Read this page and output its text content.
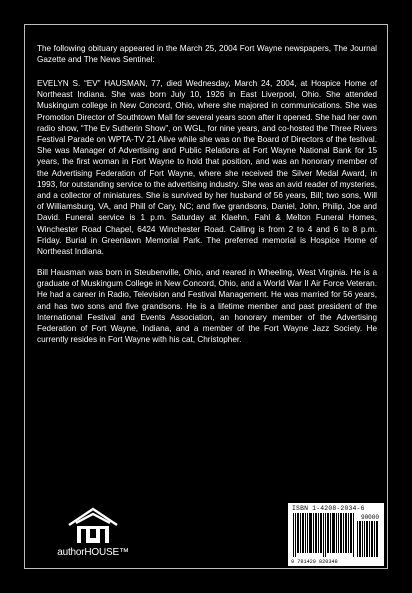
The following obituary appeared in the March 25, 2004 Fort Wayne newspapers, The Journal Gazette and The News Sentinel:
EVELYN S. “EV” HAUSMAN, 77, died Wednesday, March 24, 2004, at Hospice Home of Northeast Indiana. She was born July 10, 1926 in East Liverpool, Ohio. She attended Muskingum college in New Concord, Ohio, where she majored in communications. She was Promotion Director of Southtown Mall for several years soon after it opened. She had her own radio show, “The Ev Sutherin Show”, on WGL, for nine years, and co-hosted the Three Rivers Festival Parade on WPTA-TV 21 Alive while she was on the Board of Directors of the festival. She was Manager of Advertising and Public Relations at Fort Wayne National Bank for 15 years, the first woman in Fort Wayne to hold that position, and was an honorary member of the Advertising Federation of Fort Wayne, where she received the Silver Medal Award, in 1993, for outstanding service to the advertising industry. She was an avid reader of mysteries, and a collector of miniatures. She is survived by her husband of 56 years, Bill; two sons, Will of Williamsburg, VA, and Phill of Cary, NC; and five grandsons, Daniel, John, Philip, Joe and David. Funeral service is 1 p.m. Saturday at Klaehn, Fahl & Melton Funeral Homes, Winchester Road Chapel, 6424 Winchester Road. Calling is from 2 to 4 and 6 to 8 p.m. Friday. Burial in Greenlawn Memorial Park. The preferred memorial is Hospice Home of Northeast Indiana.
Bill Hausman was born in Steubenville, Ohio, and reared in Wheeling, West Virginia. He is a graduate of Muskingum College in New Concord, Ohio, and a World War II Air Force Veteran. He had a career in Radio, Television and Festival Management. He was married for 56 years, and has two sons and five grandsons. He is a lifetime member and past president of the International Festival and Events Association, an honorary member of the Advertising Federation of Fort Wayne, Indiana, and a member of the Fort Wayne Jazz Society. He currently resides in Fort Wayne with his cat, Christopher.
authorHOUSE™
ISBN 1-4208-2034-6
90000
9 781420 820348
